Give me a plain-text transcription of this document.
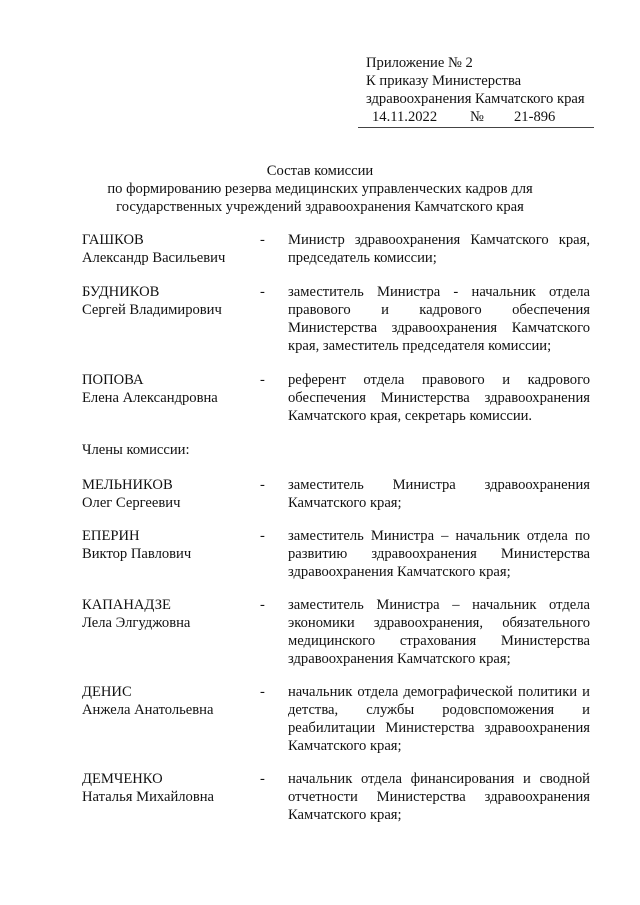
Приложение № 2
К приказу Министерства
здравоохранения Камчатского края
14.11.2022 № 21-896
Состав комиссии
по формированию резерва медицинских управленческих кадров для
государственных учреждений здравоохранения Камчатского края
ГАШКОВ
Александр Васильевич
-	Министр здравоохранения Камчатского края, председатель комиссии;
БУДНИКОВ
Сергей Владимирович
-	заместитель Министра - начальник отдела правового и кадрового обеспечения Министерства здравоохранения Камчатского края, заместитель председателя комиссии;
ПОПОВА
Елена Александровна
-	референт отдела правового и кадрового обеспечения Министерства здравоохранения Камчатского края, секретарь комиссии.
Члены комиссии:
МЕЛЬНИКОВ
Олег Сергеевич
-	заместитель Министра здравоохранения Камчатского края;
ЕПЕРИН
Виктор Павлович
-	заместитель Министра – начальник отдела по развитию здравоохранения Министерства здравоохранения Камчатского края;
КАПАНАДЗЕ
Лела Элгуджовна
-	заместитель Министра – начальник отдела экономики здравоохранения, обязательного медицинского страхования Министерства здравоохранения Камчатского края;
ДЕНИС
Анжела Анатольевна
-	начальник отдела демографической политики и детства, службы родовспоможения и реабилитации Министерства здравоохранения Камчатского края;
ДЕМЧЕНКО
Наталья Михайловна
-	начальник отдела финансирования и сводной отчетности Министерства здравоохранения Камчатского края;
